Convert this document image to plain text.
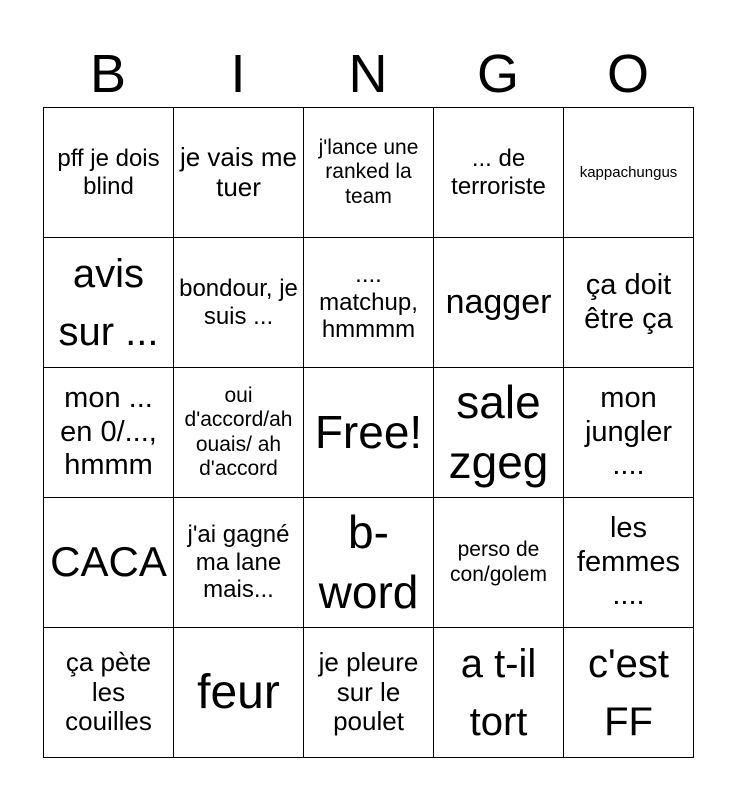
B	I	N	G	O
pff je dois blind	je vais me tuer	j'lance une ranked la team	... de terroriste	kappachungus
avis sur ...	bondour, je suis ...	.... matchup, hmmmm	nagger	ça doit être ça
mon ... en 0/..., hmmm	oui d'accord/ah ouais/ ah d'accord	Free!	sale zgeg	mon jungler ....
CACA	j'ai gagné ma lane mais...	b-word	perso de con/golem	les femmes ....
ça pète les couilles	feur	je pleure sur le poulet	a t-il tort	c'est FF
